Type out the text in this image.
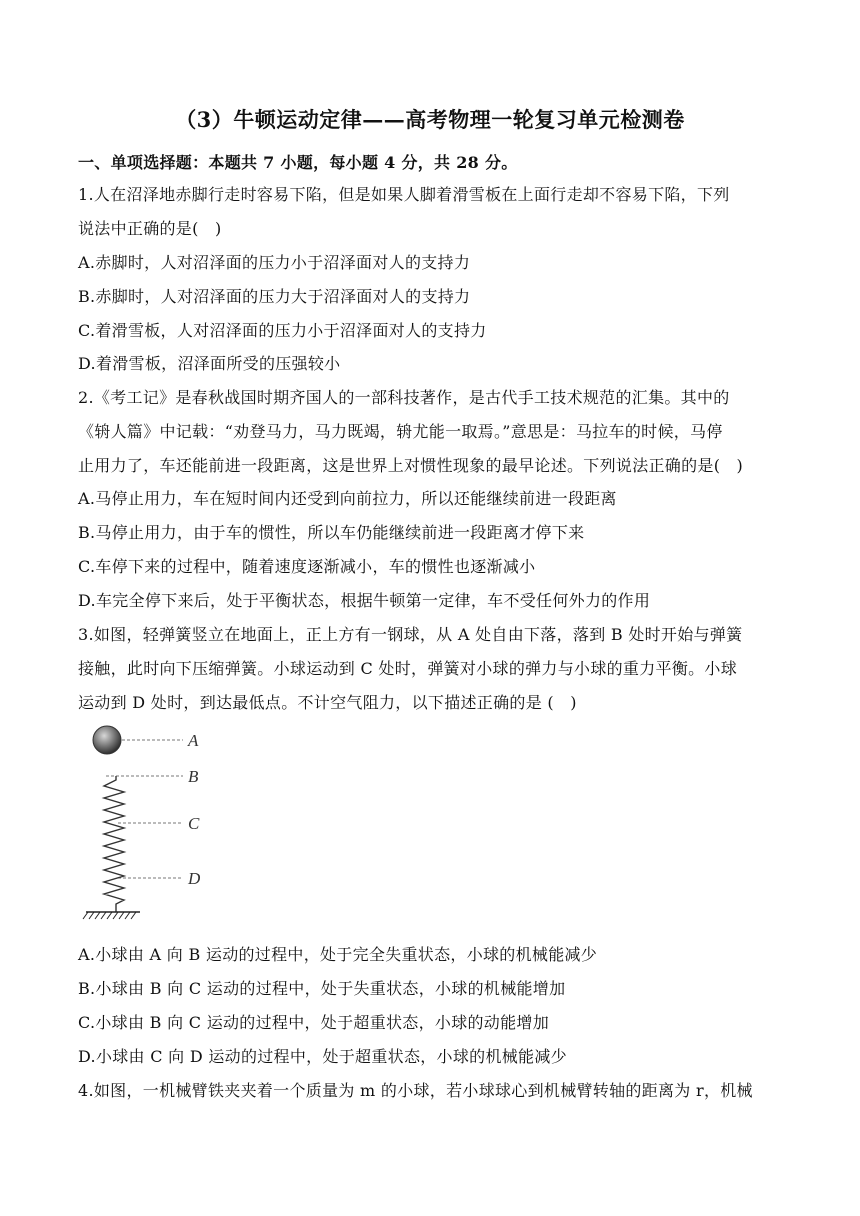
（3）牛顿运动定律——高考物理一轮复习单元检测卷
一、单项选择题：本题共 7 小题，每小题 4 分，共 28 分。
1.人在沼泽地赤脚行走时容易下陷，但是如果人脚着滑雪板在上面行走却不容易下陷，下列
说法中正确的是(　)
A.赤脚时，人对沼泽面的压力小于沼泽面对人的支持力
B.赤脚时，人对沼泽面的压力大于沼泽面对人的支持力
C.着滑雪板，人对沼泽面的压力小于沼泽面对人的支持力
D.着滑雪板，沼泽面所受的压强较小
2.《考工记》是春秋战国时期齐国人的一部科技著作，是古代手工技术规范的汇集。其中的
《辀人篇》中记载：“劝登马力，马力既竭，辀尤能一取焉。”意思是：马拉车的时候，马停
止用力了，车还能前进一段距离，这是世界上对惯性现象的最早论述。下列说法正确的是(　)
A.马停止用力，车在短时间内还受到向前拉力，所以还能继续前进一段距离
B.马停止用力，由于车的惯性，所以车仍能继续前进一段距离才停下来
C.车停下来的过程中，随着速度逐渐减小，车的惯性也逐渐减小
D.车完全停下来后，处于平衡状态，根据牛顿第一定律，车不受任何外力的作用
3.如图，轻弹簧竖立在地面上，正上方有一钢球，从 A 处自由下落，落到 B 处时开始与弹簧
接触，此时向下压缩弹簧。小球运动到 C 处时，弹簧对小球的弹力与小球的重力平衡。小球
运动到 D 处时，到达最低点。不计空气阻力，以下描述正确的是 (　)
A
B
C
D
A.小球由 A 向 B 运动的过程中，处于完全失重状态，小球的机械能减少
B.小球由 B 向 C 运动的过程中，处于失重状态，小球的机械能增加
C.小球由 B 向 C 运动的过程中，处于超重状态，小球的动能增加
D.小球由 C 向 D 运动的过程中，处于超重状态，小球的机械能减少
4.如图，一机械臂铁夹夹着一个质量为 m 的小球，若小球球心到机械臂转轴的距离为 r，机械
